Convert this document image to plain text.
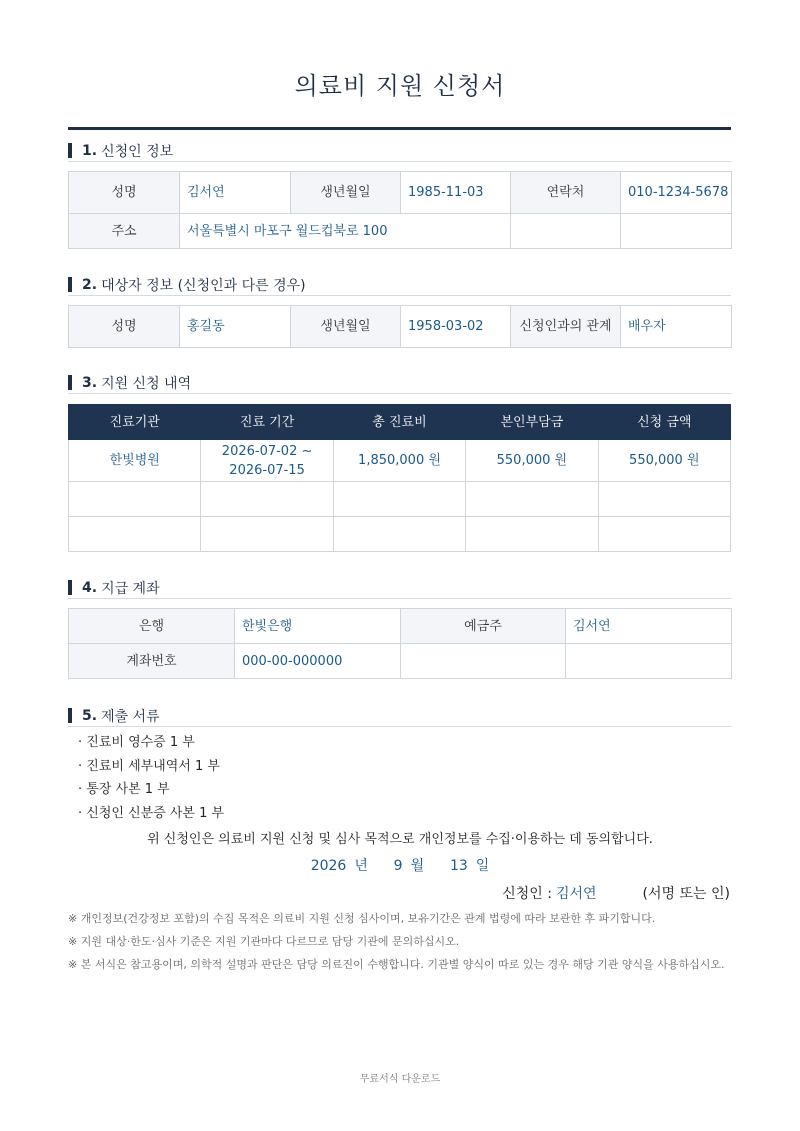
의료비 지원 신청서
1. 신청인 정보
성명	김서연	생년월일	1985-11-03	연락처	010-1234-5678
주소	서울특별시 마포구 월드컵북로 100				
2. 대상자 정보 (신청인과 다른 경우)
성명	홍길동	생년월일	1958-03-02	신청인과의 관계	배우자
3. 지원 신청 내역
진료기관	진료 기간	총 진료비	본인부담금	신청 금액
한빛병원	2026-07-02 ~ 2026-07-15	1,850,000 원	550,000 원	550,000 원

4. 지급 계좌
은행	한빛은행	예금주	김서연
계좌번호	000-00-000000		
5. 제출 서류
· 진료비 영수증 1 부
· 진료비 세부내역서 1 부
· 통장 사본 1 부
· 신청인 신분증 사본 1 부
위 신청인은 의료비 지원 신청 및 심사 목적으로 개인정보를 수집·이용하는 데 동의합니다.
2026 년 9 월 13 일
신청인 : 김서연	(서명 또는 인)
※ 개인정보(건강정보 포함)의 수집 목적은 의료비 지원 신청 심사이며, 보유기간은 관계 법령에 따라 보관한 후 파기합니다.
※ 지원 대상·한도·심사 기준은 지원 기관마다 다르므로 담당 기관에 문의하십시오.
※ 본 서식은 참고용이며, 의학적 설명과 판단은 담당 의료진이 수행합니다. 기관별 양식이 따로 있는 경우 해당 기관 양식을 사용하십시오.
무료서식 다운로드
